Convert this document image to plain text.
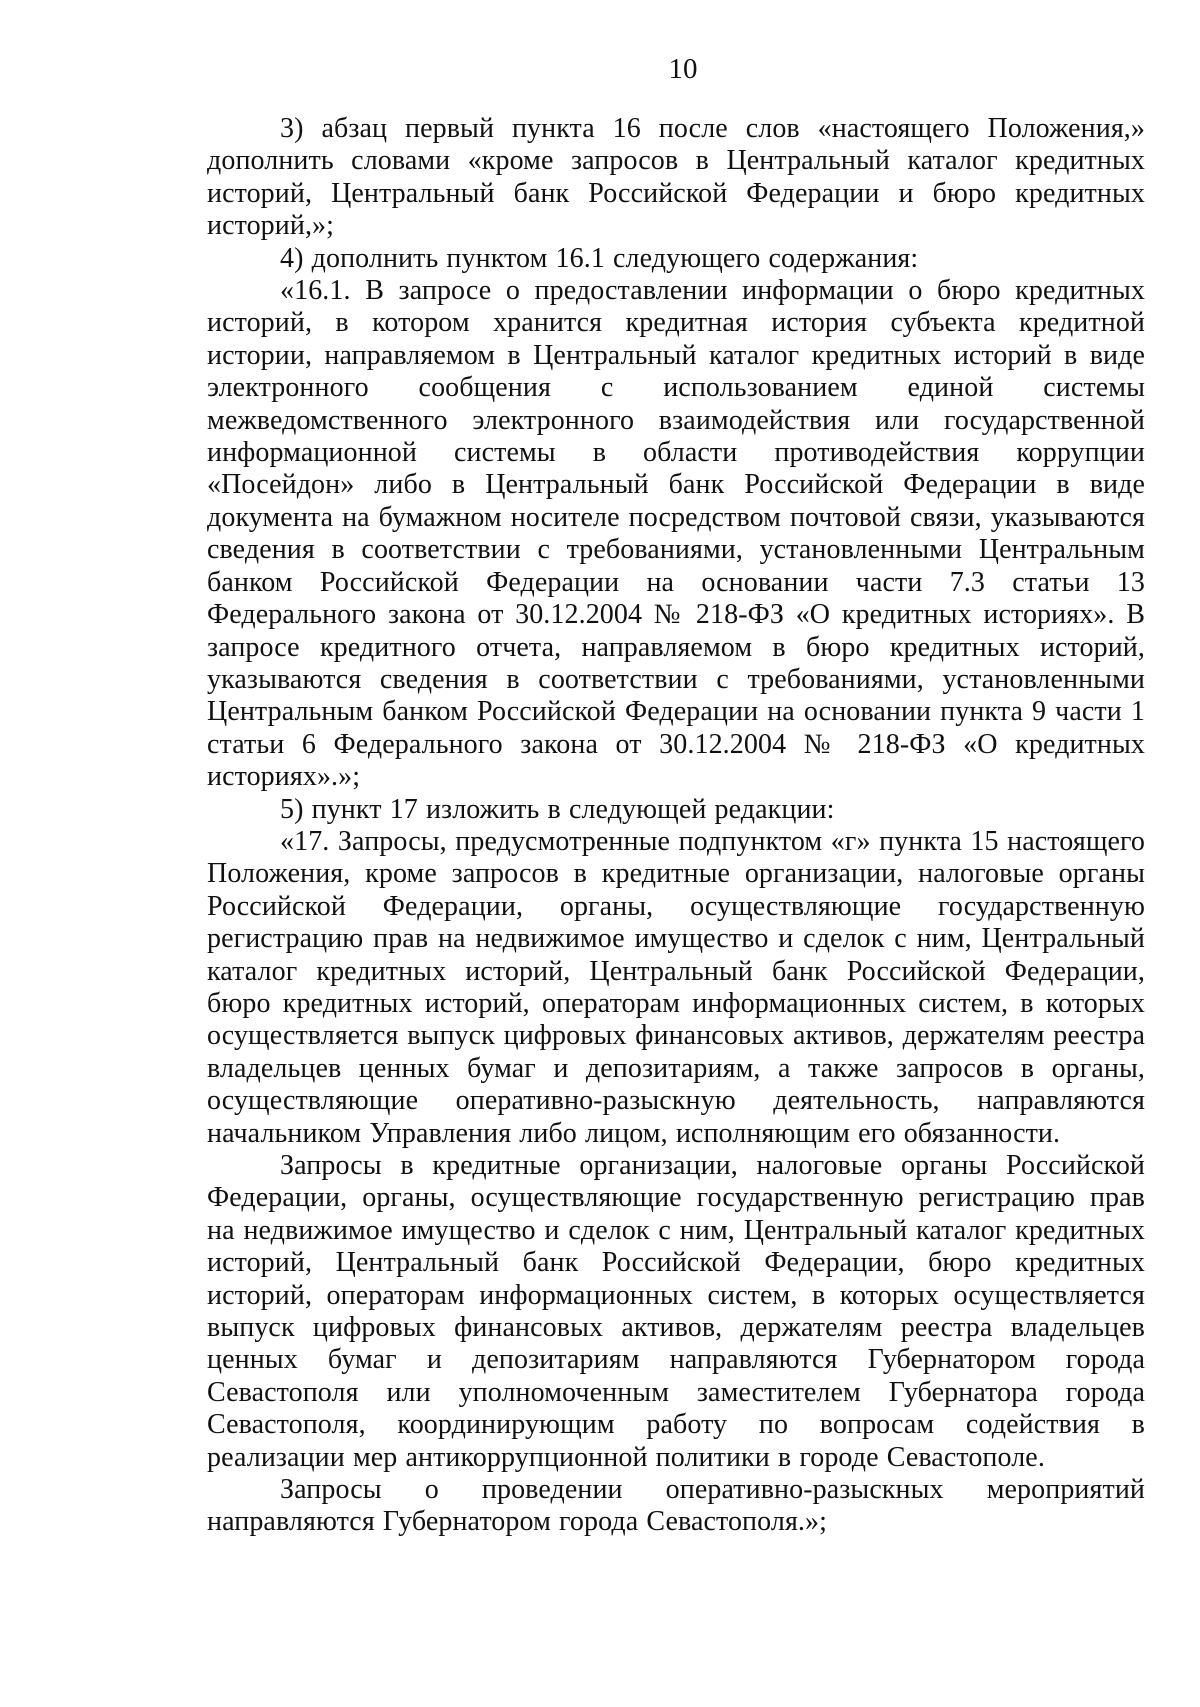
10

3) абзац первый пункта 16 после слов «настоящего Положения,» дополнить словами «кроме запросов в Центральный каталог кредитных историй, Центральный банк Российской Федерации и бюро кредитных историй,»;

4) дополнить пунктом 16.1 следующего содержания:

«16.1. В запросе о предоставлении информации о бюро кредитных историй, в котором хранится кредитная история субъекта кредитной истории, направляемом в Центральный каталог кредитных историй в виде электронного сообщения с использованием единой системы межведомственного электронного взаимодействия или государственной информационной системы в области противодействия коррупции «Посейдон» либо в Центральный банк Российской Федерации в виде документа на бумажном носителе посредством почтовой связи, указываются сведения в соответствии с требованиями, установленными Центральным банком Российской Федерации на основании части 7.3 статьи 13 Федерального закона от 30.12.2004 № 218-ФЗ «О кредитных историях». В запросе кредитного отчета, направляемом в бюро кредитных историй, указываются сведения в соответствии с требованиями, установленными Центральным банком Российской Федерации на основании пункта 9 части 1 статьи 6 Федерального закона от 30.12.2004 № 218-ФЗ «О кредитных историях».»;

5) пункт 17 изложить в следующей редакции:

«17. Запросы, предусмотренные подпунктом «г» пункта 15 настоящего Положения, кроме запросов в кредитные организации, налоговые органы Российской Федерации, органы, осуществляющие государственную регистрацию прав на недвижимое имущество и сделок с ним, Центральный каталог кредитных историй, Центральный банк Российской Федерации, бюро кредитных историй, операторам информационных систем, в которых осуществляется выпуск цифровых финансовых активов, держателям реестра владельцев ценных бумаг и депозитариям, а также запросов в органы, осуществляющие оперативно-разыскную деятельность, направляются начальником Управления либо лицом, исполняющим его обязанности.

Запросы в кредитные организации, налоговые органы Российской Федерации, органы, осуществляющие государственную регистрацию прав на недвижимое имущество и сделок с ним, Центральный каталог кредитных историй, Центральный банк Российской Федерации, бюро кредитных историй, операторам информационных систем, в которых осуществляется выпуск цифровых финансовых активов, держателям реестра владельцев ценных бумаг и депозитариям направляются Губернатором города Севастополя или уполномоченным заместителем Губернатора города Севастополя, координирующим работу по вопросам содействия в реализации мер антикоррупционной политики в городе Севастополе.

Запросы о проведении оперативно-разыскных мероприятий направляются Губернатором города Севастополя.»;
